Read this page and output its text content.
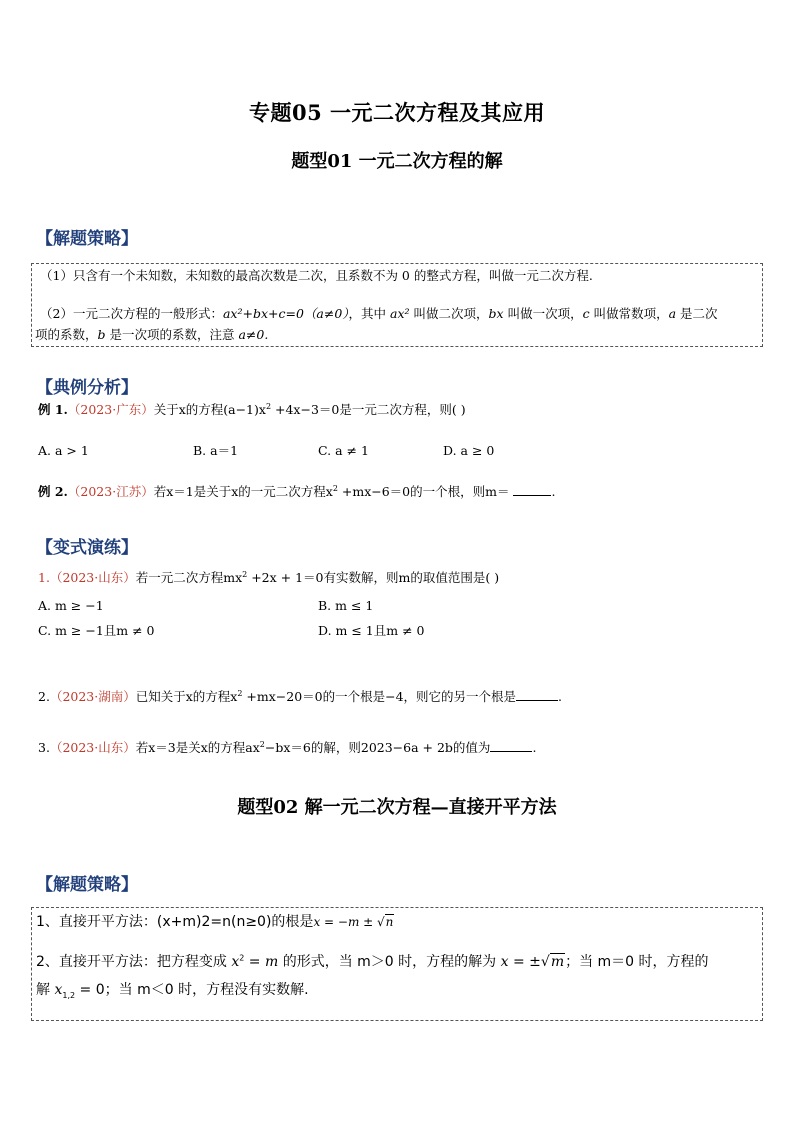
专题05 一元二次方程及其应用
题型01 一元二次方程的解
【解题策略】
（1）只含有一个未知数，未知数的最高次数是二次，且系数不为 0 的整式方程，叫做一元二次方程.
（2）一元二次方程的一般形式：ax²+bx+c=0（a≠0），其中 ax² 叫做二次项，bx 叫做一次项，c 叫做常数项，a 是二次
项的系数，b 是一次项的系数，注意 a≠0.
【典例分析】
例 1.（2023·广东）关于x的方程$(a-1)x^2 +4x-3=0$是一元二次方程，则( )
A. a > 1	B. a＝1	C. a ≠ 1	D. a ≥ 0
例 2.（2023·江苏）若x＝1是关于x的一元二次方程$x^2 +mx-6=0$的一个根，则m＝	.
【变式演练】
1.（2023·山东）若一元二次方程$mx^2 +2x + 1=0$有实数解，则m的取值范围是( )
A. m ≥ −1	B. m ≤ 1
C. m ≥ −1且m ≠ 0	D. m ≤ 1且m ≠ 0
2.（2023·湖南）已知关于x的方程$x^2 +mx-20=0$的一个根是−4，则它的另一个根是	.
3.（2023·山东）若x＝3是关x的方程$ax^2-bx=6$的解，则2023−6a + 2b的值为	.
题型02 解一元二次方程—直接开平方法
【解题策略】
1、直接开平方法：(x+m)2=n(n≥0)的根是x = −m ± √n
2、直接开平方法：把方程变成 $x^2 = m$ 的形式，当 m＞0 时，方程的解为 x = ±√m；当 m＝0 时，方程的
解 $x_{1,2} = 0$；当 m＜0 时，方程没有实数解.
